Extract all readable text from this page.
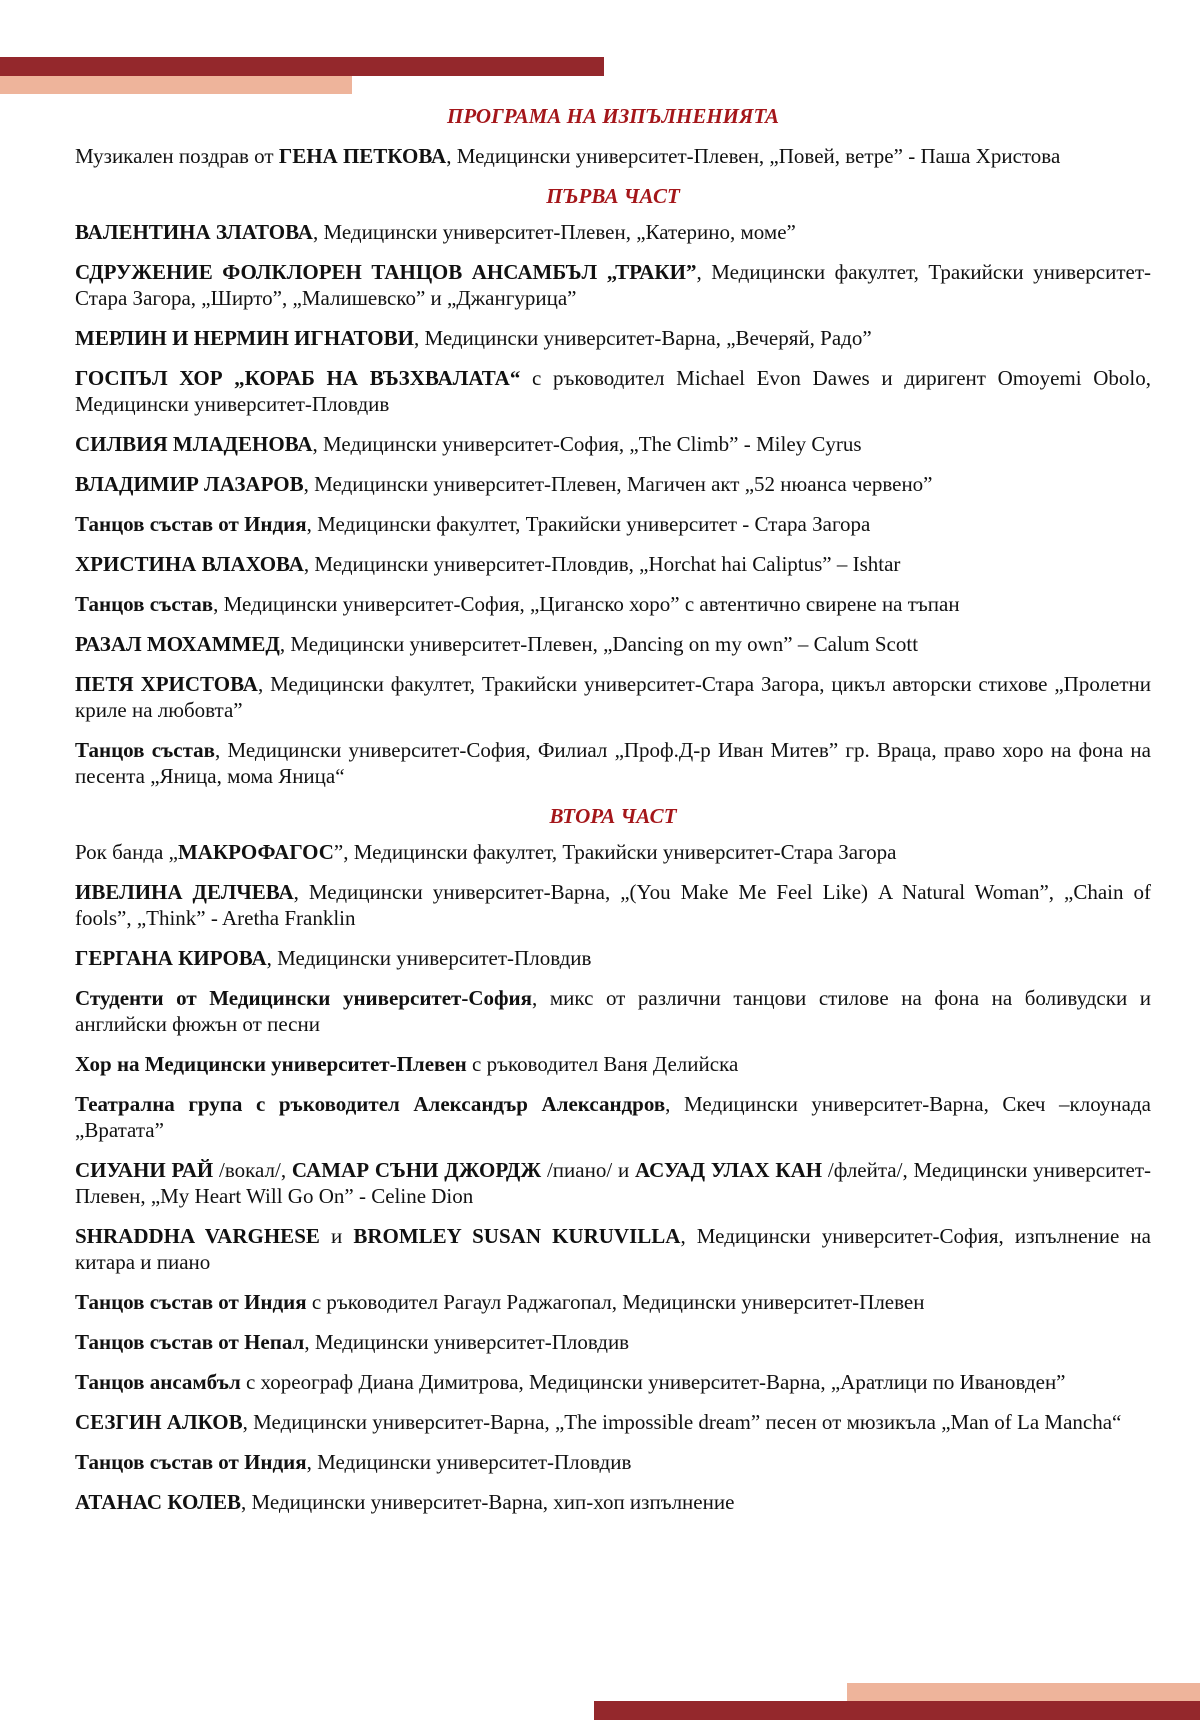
ПРОГРАМА НА ИЗПЪЛНЕНИЯТА
Музикален поздрав от ГЕНА ПЕТКОВА, Медицински университет-Плевен, „Повей, ветре” - Паша Христова
ПЪРВА ЧАСТ
ВАЛЕНТИНА ЗЛАТОВА, Медицински университет-Плевен, „Катерино, моме”
СДРУЖЕНИЕ ФОЛКЛОРЕН ТАНЦОВ АНСАМБЪЛ „ТРАКИ”, Медицински факултет, Тракийски университет-Стара Загора, „Ширто”, „Малишевско” и „Джангурица”
МЕРЛИН И НЕРМИН ИГНАТОВИ, Медицински университет-Варна, „Вечеряй, Радо”
ГОСПЪЛ ХОР „КОРАБ НА ВЪЗХВАЛАТА“ с ръководител Michael Evon Dawes и диригент Omoyemi Obolo, Медицински университет-Пловдив
СИЛВИЯ МЛАДЕНОВА, Медицински университет-София, „The Climb” - Miley Cyrus
ВЛАДИМИР ЛАЗАРОВ, Медицински университет-Плевен, Магичен акт „52 нюанса червено”
Танцов състав от Индия, Медицински факултет, Тракийски университет - Стара Загора
ХРИСТИНА ВЛАХОВА, Медицински университет-Пловдив, „Horchat hai Caliptus” – Ishtar
Танцов състав, Медицински университет-София, „Циганско хоро” с автентично свирене на тъпан
РАЗАЛ МОХАММЕД, Медицински университет-Плевен, „Dancing on my own” – Calum Scott
ПЕТЯ ХРИСТОВА, Медицински факултет, Тракийски университет-Стара Загора, цикъл авторски стихове „Пролетни криле на любовта”
Танцов състав, Медицински университет-София, Филиал „Проф.Д-р Иван Митев” гр. Враца, право хоро на фона на песента „Яница, мома Яница“
ВТОРА ЧАСТ
Рок банда „МАКРОФАГОС”, Медицински факултет, Тракийски университет-Стара Загора
ИВЕЛИНА ДЕЛЧЕВА, Медицински университет-Варна, „(You Make Me Feel Like) A Natural Woman”, „Chain of fools”, „Think” - Aretha Franklin
ГЕРГАНА КИРОВА, Медицински университет-Пловдив
Студенти от Медицински университет-София, микс от различни танцови стилове на фона на боливудски и английски фюжън от песни
Хор на Медицински университет-Плевен с ръководител Ваня Делийска
Театрална група с ръководител Александър Александров, Медицински университет-Варна, Скеч –клоунада „Вратата”
СИУАНИ РАЙ /вокал/, САМАР СЪНИ ДЖОРДЖ /пиано/ и АСУАД УЛАХ КАН /флейта/, Медицински университет-Плевен, „My Heart Will Go On” - Celine Dion
SHRADDHA VARGHESE и BROMLEY SUSAN KURUVILLA, Медицински университет-София, изпълнение на китара и пиано
Танцов състав от Индия с ръководител Рагаул Раджагопал, Медицински университет-Плевен
Танцов състав от Непал, Медицински университет-Пловдив
Танцов ансамбъл с хореограф Диана Димитрова, Медицински университет-Варна, „Аратлици по Ивановден”
СЕЗГИН АЛКОВ, Медицински университет-Варна, „The impossible dream” песен от мюзикъла „Man of La Mancha“
Танцов състав от Индия, Медицински университет-Пловдив
АТАНАС КОЛЕВ, Медицински университет-Варна, хип-хоп изпълнение
